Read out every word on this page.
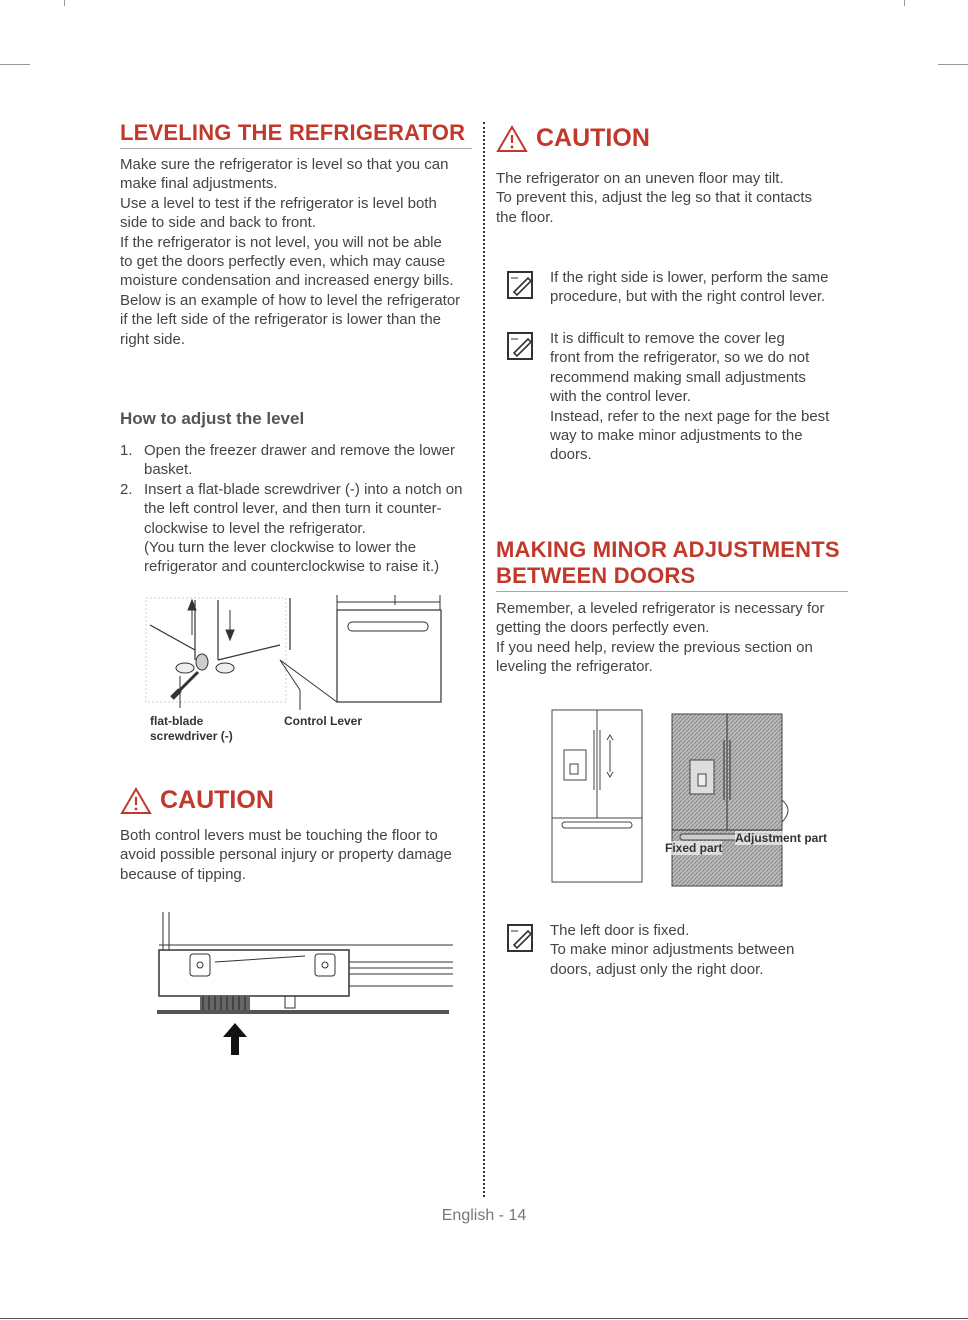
LEVELING THE REFRIGERATOR

Make sure the refrigerator is level so that you can

make final adjustments.

Use a level to test if the refrigerator is level both

side to side and back to front.

If the refrigerator is not level, you will not be able

to get the doors perfectly even, which may cause

moisture condensation and increased energy bills.

Below is an example of how to level the refrigerator

if the left side of the refrigerator is lower than the

right side.

How to adjust the level
1. Open the freezer drawer and remove the lower
basket.
2. Insert a flat-blade screwdriver (-) into a notch on
the left control lever, and then turn it counter-
clockwise to level the refrigerator.
(You turn the lever clockwise to lower the
refrigerator and counterclockwise to raise it.)
flat-blade
screwdriver (-)
Control Lever
CAUTION

Both control levers must be touching the floor to

avoid possible personal injury or property damage

because of tipping.

CAUTION

The refrigerator on an uneven floor may tilt.

To prevent this, adjust the leg so that it contacts

the floor.

If the right side is lower, perform the same

procedure, but with the right control lever.

It is difficult to remove the cover leg

front from the refrigerator, so we do not

recommend making small adjustments

with the control lever.

Instead, refer to the next page for the best

way to make minor adjustments to the

doors.

MAKING MINOR ADJUSTMENTS
BETWEEN DOORS

Remember, a leveled refrigerator is necessary for

getting the doors perfectly even.

If you need help, review the previous section on

leveling the refrigerator.

Fixed part
Adjustment part

The left door is fixed.

To make minor adjustments between

doors, adjust only the right door.

English - 14
